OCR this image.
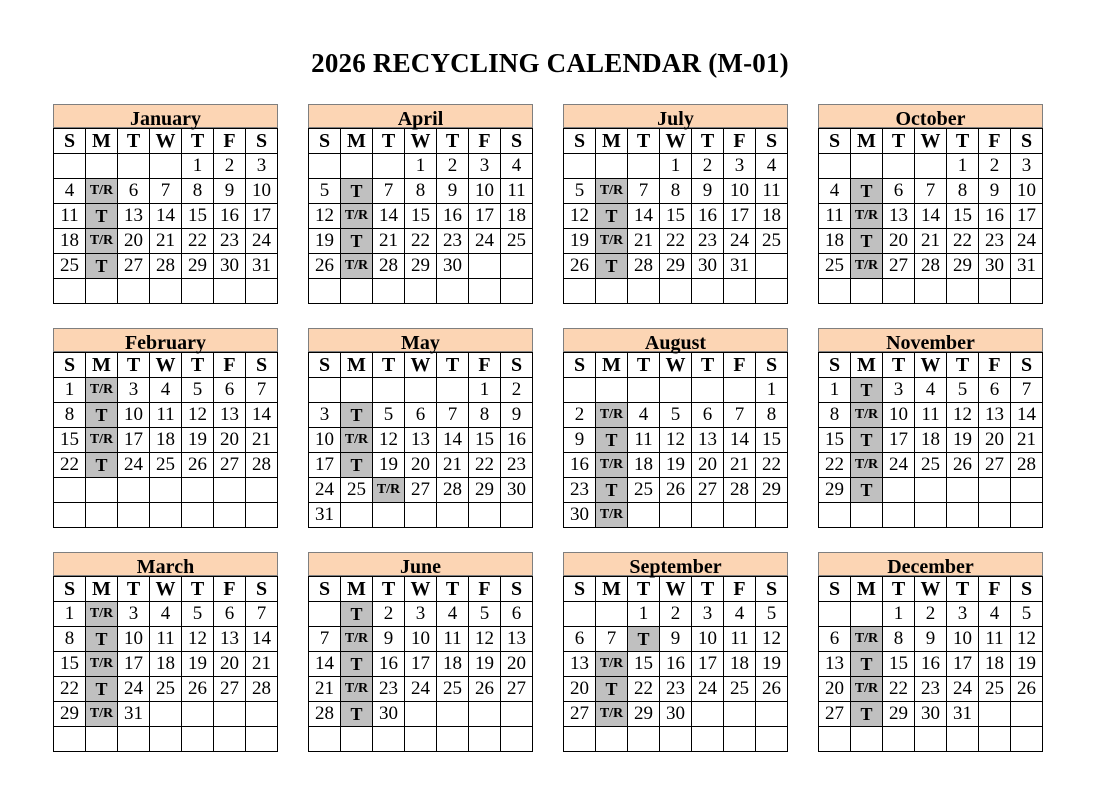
2026 RECYCLING CALENDAR (M-01)
January
S	M	T	W	T	F	S
				1	2	3
4	T/R	6	7	8	9	10
11	T	13	14	15	16	17
18	T/R	20	21	22	23	24
25	T	27	28	29	30	31

April
S	M	T	W	T	F	S
			1	2	3	4
5	T	7	8	9	10	11
12	T/R	14	15	16	17	18
19	T	21	22	23	24	25
26	T/R	28	29	30		

July
S	M	T	W	T	F	S
			1	2	3	4
5	T/R	7	8	9	10	11
12	T	14	15	16	17	18
19	T/R	21	22	23	24	25
26	T	28	29	30	31	

October
S	M	T	W	T	F	S
				1	2	3
4	T	6	7	8	9	10
11	T/R	13	14	15	16	17
18	T	20	21	22	23	24
25	T/R	27	28	29	30	31

February
S	M	T	W	T	F	S
1	T/R	3	4	5	6	7
8	T	10	11	12	13	14
15	T/R	17	18	19	20	21
22	T	24	25	26	27	28

May
S	M	T	W	T	F	S
					1	2
3	T	5	6	7	8	9
10	T/R	12	13	14	15	16
17	T	19	20	21	22	23
24	25	T/R	27	28	29	30
31						
August
S	M	T	W	T	F	S
						1
2	T/R	4	5	6	7	8
9	T	11	12	13	14	15
16	T/R	18	19	20	21	22
23	T	25	26	27	28	29
30	T/R					
November
S	M	T	W	T	F	S
1	T	3	4	5	6	7
8	T/R	10	11	12	13	14
15	T	17	18	19	20	21
22	T/R	24	25	26	27	28
29	T					

March
S	M	T	W	T	F	S
1	T/R	3	4	5	6	7
8	T	10	11	12	13	14
15	T/R	17	18	19	20	21
22	T	24	25	26	27	28
29	T/R	31				

June
S	M	T	W	T	F	S
	T	2	3	4	5	6
7	T/R	9	10	11	12	13
14	T	16	17	18	19	20
21	T/R	23	24	25	26	27
28	T	30				

September
S	M	T	W	T	F	S
		1	2	3	4	5
6	7	T	9	10	11	12
13	T/R	15	16	17	18	19
20	T	22	23	24	25	26
27	T/R	29	30			

December
S	M	T	W	T	F	S
		1	2	3	4	5
6	T/R	8	9	10	11	12
13	T	15	16	17	18	19
20	T/R	22	23	24	25	26
27	T	29	30	31		
